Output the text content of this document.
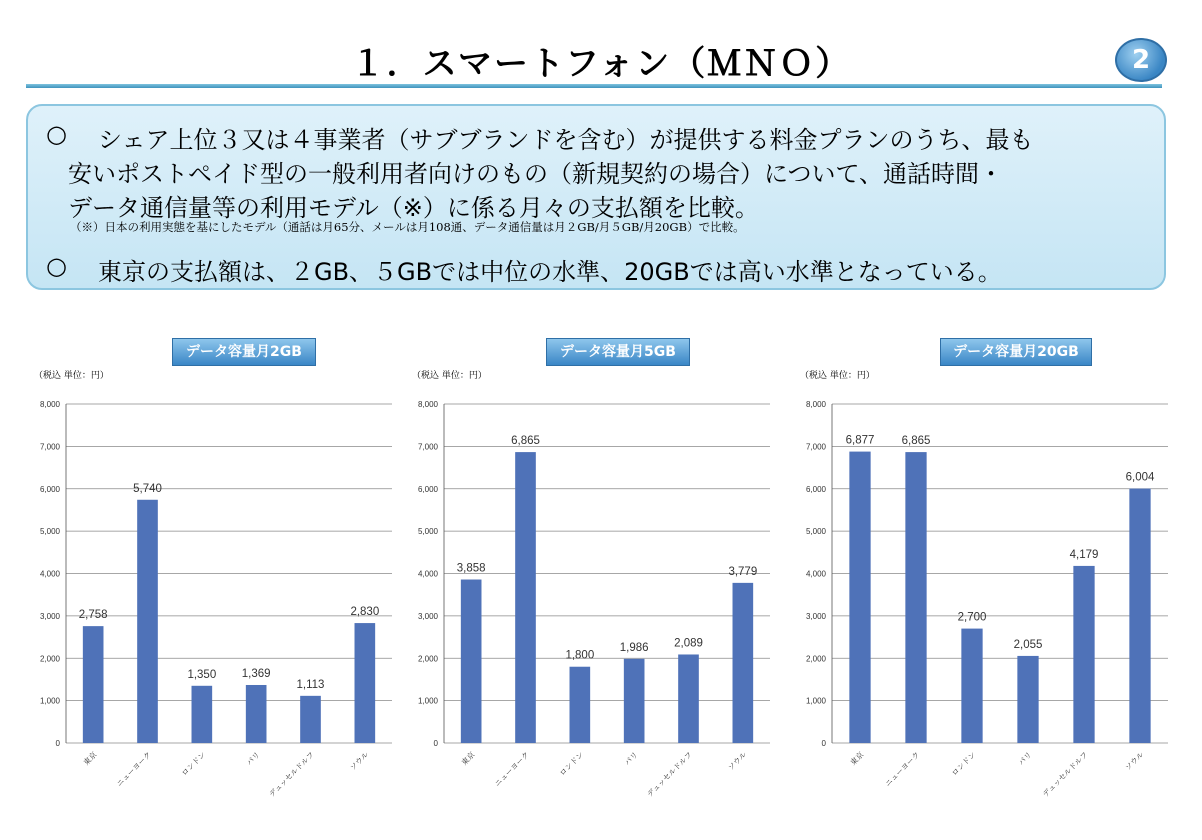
１．スマートフォン（ＭＮＯ）	2
○ シェア上位３又は４事業者（サブブランドを含む）が提供する料金プランのうち、最も
安いポストペイド型の一般利用者向けのもの（新規契約の場合）について、通話時間・
データ通信量等の利用モデル（※）に係る月々の支払額を比較。
○ 東京の支払額は、２GB、５GBでは中位の水準、20GBでは高い水準となっている。
（※）日本の利用実態を基にしたモデル（通話は月65分、メールは月108通、データ通信量は月２GB/月５GB/月20GB）で比較。
データ容量月2GB
（税込 単位：円）
0
1,000
2,000
3,000
4,000
5,000
6,000
7,000
8,000
2,758
東京
5,740
ニューヨーク
1,350
ロンドン
1,369
パリ
1,113
デュッセルドルフ
2,830
ソウル
データ容量月5GB
（税込 単位：円）
0
1,000
2,000
3,000
4,000
5,000
6,000
7,000
8,000
3,858
東京
6,865
ニューヨーク
1,800
ロンドン
1,986
パリ
2,089
デュッセルドルフ
3,779
ソウル
データ容量月20GB
（税込 単位：円）
0
1,000
2,000
3,000
4,000
5,000
6,000
7,000
8,000
6,877
東京
6,865
ニューヨーク
2,700
ロンドン
2,055
パリ
4,179
デュッセルドルフ
6,004
ソウル
